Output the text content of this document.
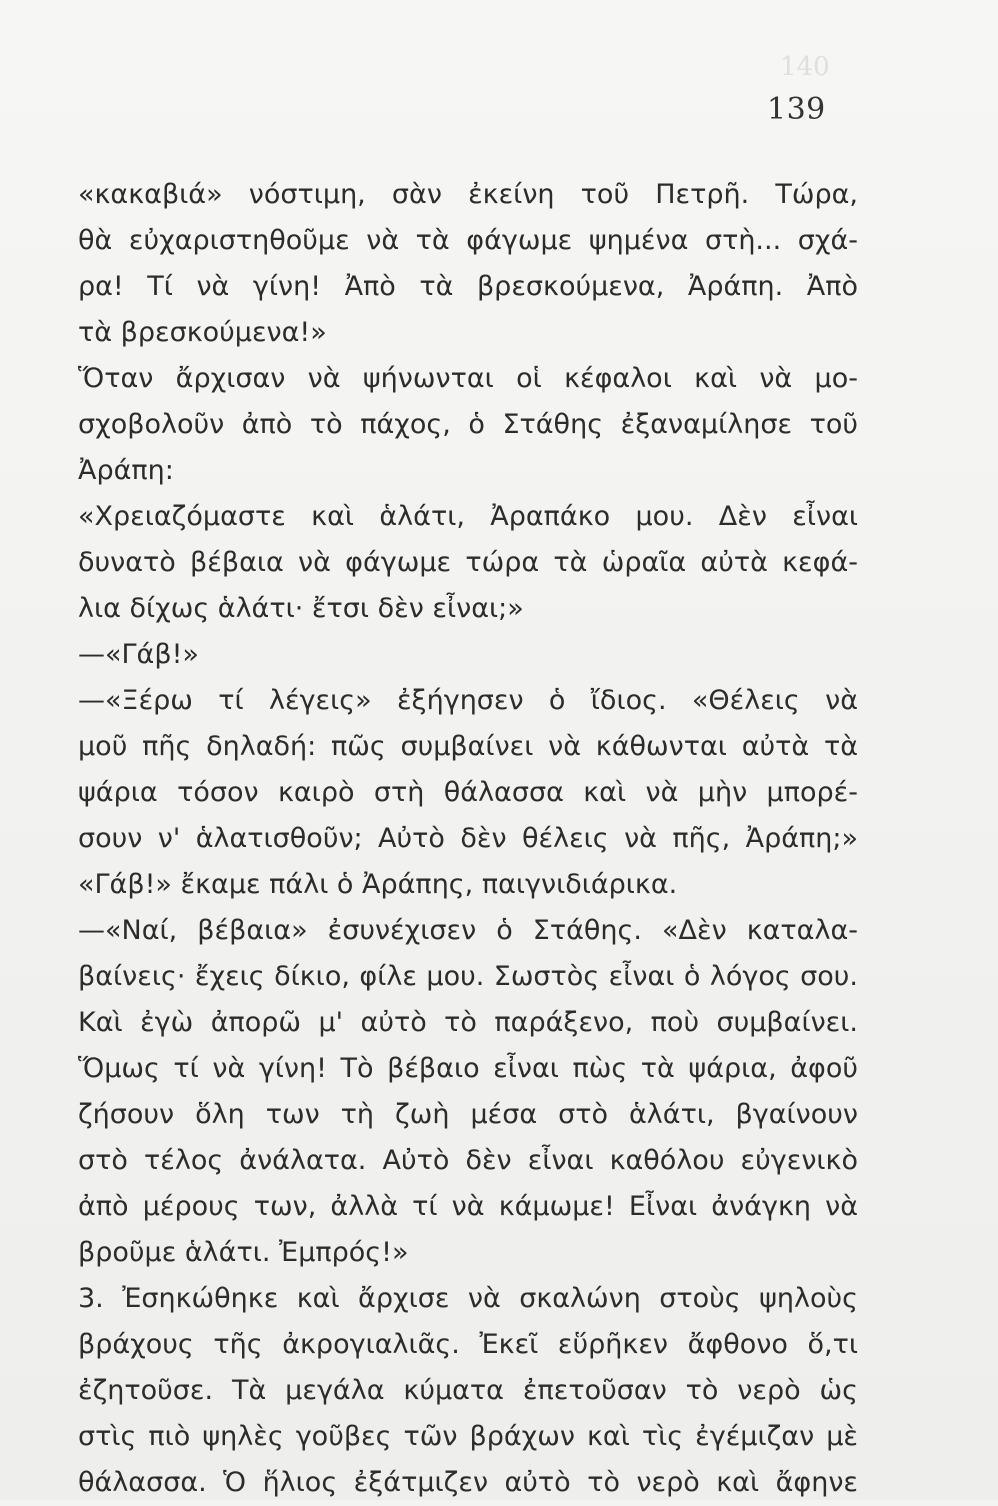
140
139
«κακαβιά» νόστιμη, σὰν ἐκείνη τοῦ Πετρῆ. Τώρα,
θὰ εὐχαριστηθοῦμε νὰ τὰ φάγωμε ψημένα στὴ... σχά-
ρα! Τί νὰ γίνη! Ἀπὸ τὰ βρεσκούμενα, Ἀράπη. Ἀπὸ
τὰ βρεσκούμενα!»
Ὅταν ἄρχισαν νὰ ψήνωνται οἱ κέφαλοι καὶ νὰ μο-
σχοβολοῦν ἀπὸ τὸ πάχος, ὁ Στάθης ἐξαναμίλησε τοῦ
Ἀράπη:
«Χρειαζόμαστε καὶ ἁλάτι, Ἀραπάκο μου. Δὲν εἶναι
δυνατὸ βέβαια νὰ φάγωμε τώρα τὰ ὡραῖα αὐτὰ κεφά-
λια δίχως ἁλάτι· ἔτσι δὲν εἶναι;»
—«Γάβ!»
—«Ξέρω τί λέγεις» ἐξήγησεν ὁ ἴδιος. «Θέλεις νὰ
μοῦ πῆς δηλαδή: πῶς συμβαίνει νὰ κάθωνται αὐτὰ τὰ
ψάρια τόσον καιρὸ στὴ θάλασσα καὶ νὰ μὴν μπορέ-
σουν ν' ἁλατισθοῦν; Αὐτὸ δὲν θέλεις νὰ πῆς, Ἀράπη;»
«Γάβ!» ἔκαμε πάλι ὁ Ἀράπης, παιγνιδιάρικα.
—«Ναί, βέβαια» ἐσυνέχισεν ὁ Στάθης. «Δὲν καταλα-
βαίνεις· ἔχεις δίκιο, φίλε μου. Σωστὸς εἶναι ὁ λόγος σου.
Καὶ ἐγὼ ἀπορῶ μ' αὐτὸ τὸ παράξενο, ποὺ συμβαίνει.
Ὅμως τί νὰ γίνη! Τὸ βέβαιο εἶναι πὼς τὰ ψάρια, ἀφοῦ
ζήσουν ὅλη των τὴ ζωὴ μέσα στὸ ἁλάτι, βγαίνουν
στὸ τέλος ἀνάλατα. Αὐτὸ δὲν εἶναι καθόλου εὐγενικὸ
ἀπὸ μέρους των, ἀλλὰ τί νὰ κάμωμε! Εἶναι ἀνάγκη νὰ
βροῦμε ἁλάτι. Ἐμπρός!»
3. Ἐσηκώθηκε καὶ ἄρχισε νὰ σκαλώνη στοὺς ψηλοὺς
βράχους τῆς ἀκρογιαλιᾶς. Ἐκεῖ εὕρῆκεν ἄφθονο ὅ,τι
ἐζητοῦσε. Τὰ μεγάλα κύματα ἐπετοῦσαν τὸ νερὸ ὡς
στὶς πιὸ ψηλὲς γοῦβες τῶν βράχων καὶ τὶς ἐγέμιζαν μὲ
θάλασσα. Ὁ ἥλιος ἐξάτμιζεν αὐτὸ τὸ νερὸ καὶ ἄφηνε
